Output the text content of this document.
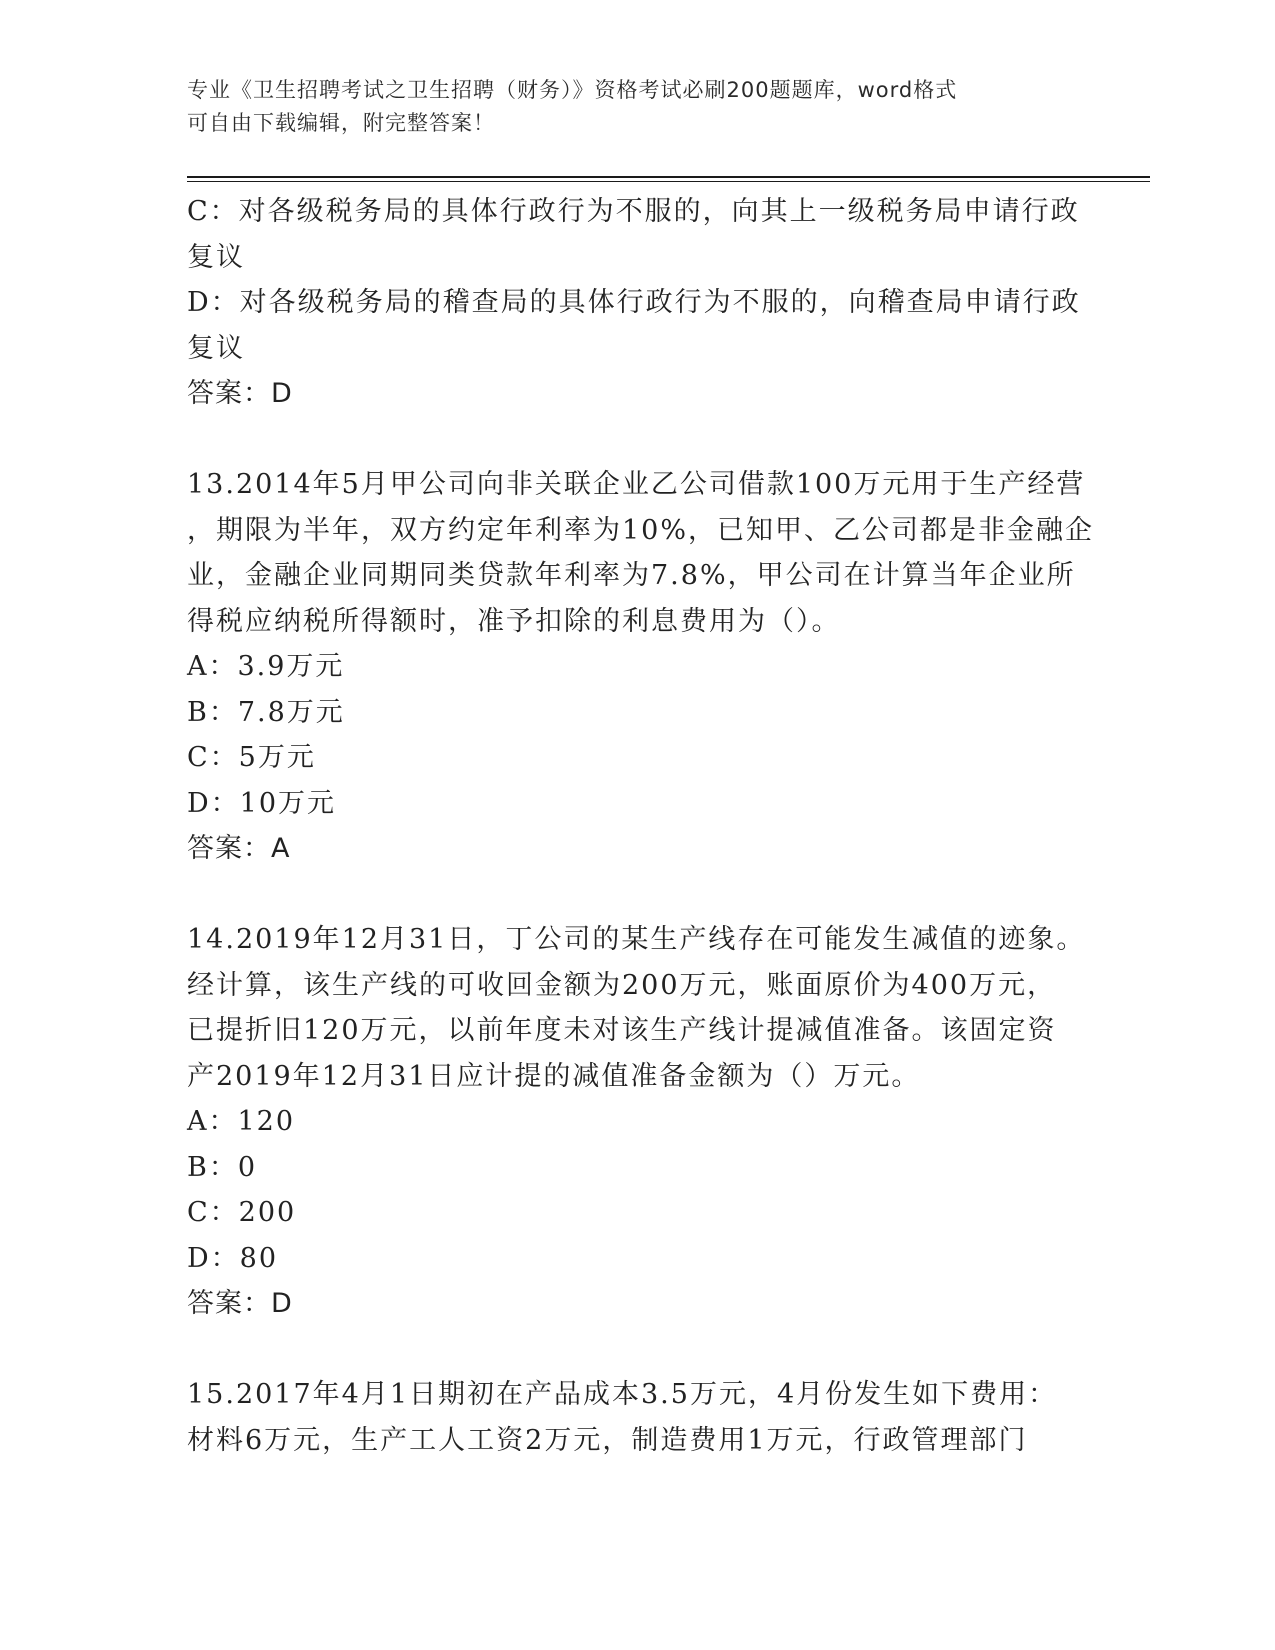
专业《卫生招聘考试之卫生招聘（财务）》资格考试必刷200题题库，word格式
可自由下载编辑，附完整答案！
C：对各级税务局的具体行政行为不服的，向其上一级税务局申请行政
复议
D：对各级税务局的稽查局的具体行政行为不服的，向稽查局申请行政
复议
答案：D
13.2014年5月甲公司向非关联企业乙公司借款100万元用于生产经营
，期限为半年，双方约定年利率为10%，已知甲、乙公司都是非金融企
业，金融企业同期同类贷款年利率为7.8%，甲公司在计算当年企业所
得税应纳税所得额时，准予扣除的利息费用为（）。
A：3.9万元
B：7.8万元
C：5万元
D：10万元
答案：A
14.2019年12月31日，丁公司的某生产线存在可能发生减值的迹象。
经计算，该生产线的可收回金额为200万元，账面原价为400万元，
已提折旧120万元，以前年度未对该生产线计提减值准备。该固定资
产2019年12月31日应计提的减值准备金额为（）万元。
A：120
B：0
C：200
D：80
答案：D
15.2017年4月1日期初在产品成本3.5万元，4月份发生如下费用：
材料6万元，生产工人工资2万元，制造费用1万元，行政管理部门
